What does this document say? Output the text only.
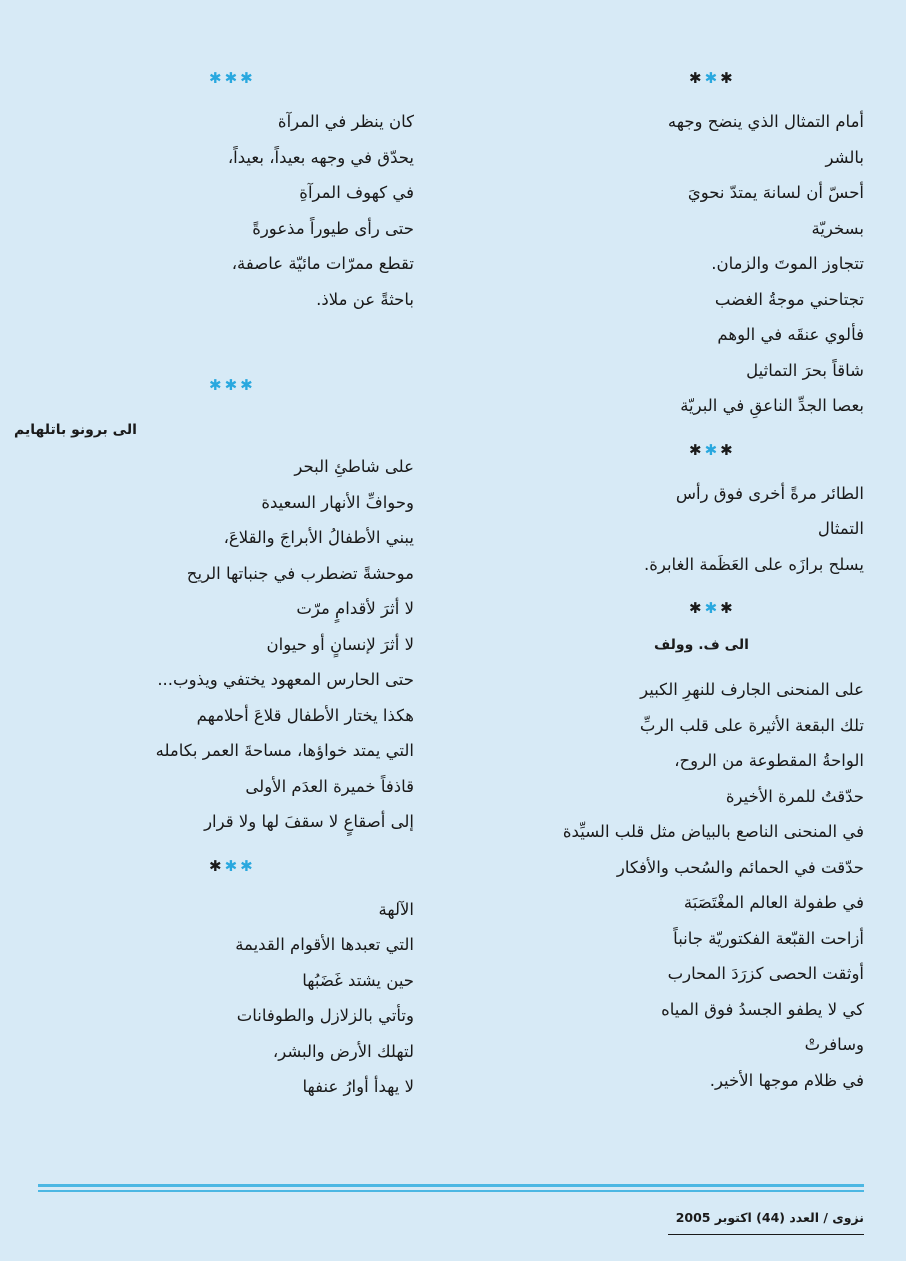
✱✱✱
أمام التمثال الذي ينضح وجهه
بالشر
أحسّ أن لسانهَ يمتدّ نحويَ
بسخريّة
تتجاوز الموتَ والزمان.
تجتاحني موجةُ الغضب
فألوي عنقَه في الوهم
شاقاً بحرَ التماثيل
بعصا الجدِّ الناعقِ في البريّة
✱✱✱
الطائر مرةً أخرى فوق رأس
التمثال
يسلح برازَه على العَظَمة الغابرة.
✱✱✱
الى ف. وولف
على المنحنى الجارف للنهرِ الكبير
تلك البقعة الأثيرة على قلب الربِّ
الواحةُ المقطوعة من الروح،
حدّقتُ للمرة الأخيرة
في المنحنى الناصع بالبياض مثل قلب السيِّدة
حدّقت في الحمائم والسُحب والأفكار
في طفولة العالم المغْتَصَبَة
أزاحت القبّعة الفكتوريّة جانباً
أوثقت الحصى كزرَدَ المحارب
كي لا يطفو الجسدُ فوق المياه
وسافرتْ
في ظلام موجها الأخير.
✱✱✱
كان ينظر في المرآة
يحدّق في وجهه بعيداً، بعيداً،
في كهوف المرآةِ
حتى رأى طيوراً مذعورةً
تقطع ممرّات مائيّة عاصفة،
باحثةً عن ملاذ.
✱✱✱
الى برونو باتلهايم
على شاطئِ البحر
وحوافِّ الأنهار السعيدة
يبني الأطفالُ الأبراجَ والقلاعَ،
موحشةً تضطرب في جنباتها الريح
لا أثرَ لأقدامٍ مرّت
لا أثرَ لإنسانٍ أو حيوان
حتى الحارس المعهود يختفي ويذوب...
هكذا يختار الأطفال قلاعَ أحلامهم
التي يمتد خواؤها، مساحةَ العمر بكامله
قاذفاً خميرة العدَم الأولى
إلى أصقاعٍ لا سقفَ لها ولا قرار
✱✱✱
الآلهة
التي تعبدها الأقوام القديمة
حين يشتد غَضَبُها
وتأتي بالزلازل والطوفانات
لتهلك الأرض والبشر،
لا يهدأ أوارُ عنفها
نزوى / العدد (44) اكتوبر 2005
